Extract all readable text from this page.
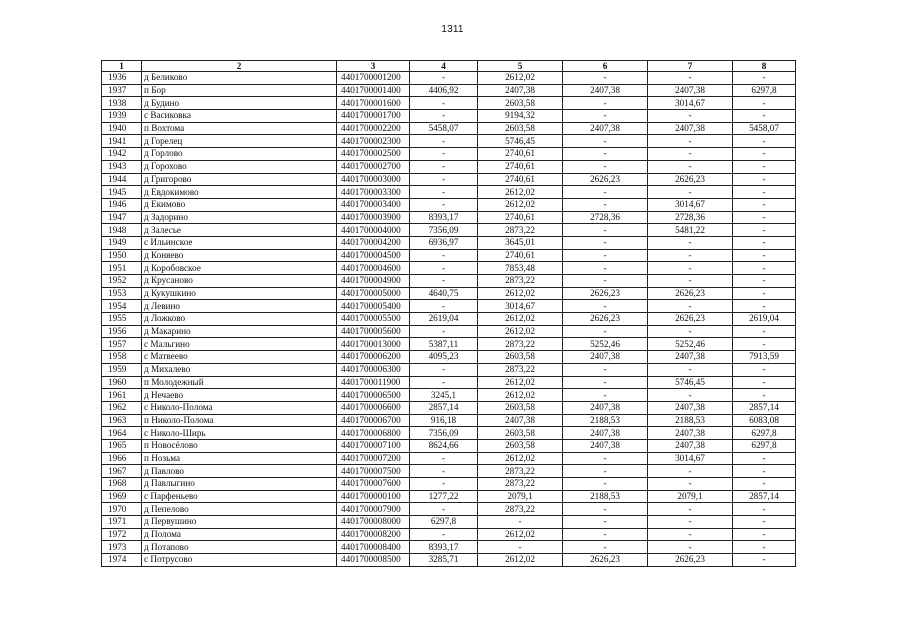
1311
1	2	3	4	5	6	7	8
1936	д Беликово	4401700001200	-	2612,02	-	-	-
1937	п Бор	4401700001400	4406,92	2407,38	2407,38	2407,38	6297,8
1938	д Будино	4401700001600	-	2603,58	-	3014,67	-
1939	с Васиковка	4401700001700	-	9194,32	-	-	-
1940	п Вохтома	4401700002200	5458,07	2603,58	2407,38	2407,38	5458,07
1941	д Горелец	4401700002300	-	5746,45	-	-	-
1942	д Горлово	4401700002500	-	2740,61	-	-	-
1943	д Горохово	4401700002700	-	2740,61	-	-	-
1944	д Григорово	4401700003000	-	2740,61	2626,23	2626,23	-
1945	д Евдокимово	4401700003300	-	2612,02	-	-	-
1946	д Екимово	4401700003400	-	2612,02	-	3014,67	-
1947	д Задорино	4401700003900	8393,17	2740,61	2728,36	2728,36	-
1948	д Залесье	4401700004000	7356,09	2873,22	-	5481,22	-
1949	с Ильинское	4401700004200	6936,97	3645,01	-	-	-
1950	д Коняево	4401700004500	-	2740,61	-	-	-
1951	д Коробовское	4401700004600	-	7853,48	-	-	-
1952	д Крусаново	4401700004900	-	2873,22	-	-	-
1953	д Кукушкино	4401700005000	4640,75	2612,02	2626,23	2626,23	-
1954	д Левино	4401700005400	-	3014,67	-	-	-
1955	д Ложково	4401700005500	2619,04	2612,02	2626,23	2626,23	2619,04
1956	д Макарино	4401700005600	-	2612,02	-	-	-
1957	с Мальгино	4401700013000	5387,11	2873,22	5252,46	5252,46	-
1958	с Матвеево	4401700006200	4095,23	2603,58	2407,38	2407,38	7913,59
1959	д Михалево	4401700006300	-	2873,22	-	-	-
1960	п Молодежный	4401700011900	-	2612,02	-	5746,45	-
1961	д Нечаево	4401700006500	3245,1	2612,02	-	-	-
1962	с Николо-Полома	4401700006600	2857,14	2603,58	2407,38	2407,38	2857,14
1963	п Николо-Полома	4401700006700	916,18	2407,38	2188,53	2188,53	6083,08
1964	с Николо-Ширь	4401700006800	7356,09	2603,58	2407,38	2407,38	6297,8
1965	п Новосёлово	4401700007100	8624,66	2603,58	2407,38	2407,38	6297,8
1966	п Нозьма	4401700007200	-	2612,02	-	3014,67	-
1967	д Павлово	4401700007500	-	2873,22	-	-	-
1968	д Павлыгино	4401700007600	-	2873,22	-	-	-
1969	с Парфеньево	4401700000100	1277,22	2079,1	2188,53	2079,1	2857,14
1970	д Пепелово	4401700007900	-	2873,22	-	-	-
1971	д Первушино	4401700008000	6297,8	-	-	-	-
1972	д Полома	4401700008200	-	2612,02	-	-	-
1973	д Потапово	4401700008400	8393,17	-	-	-	-
1974	с Потрусово	4401700008500	3285,71	2612,02	2626,23	2626,23	-
